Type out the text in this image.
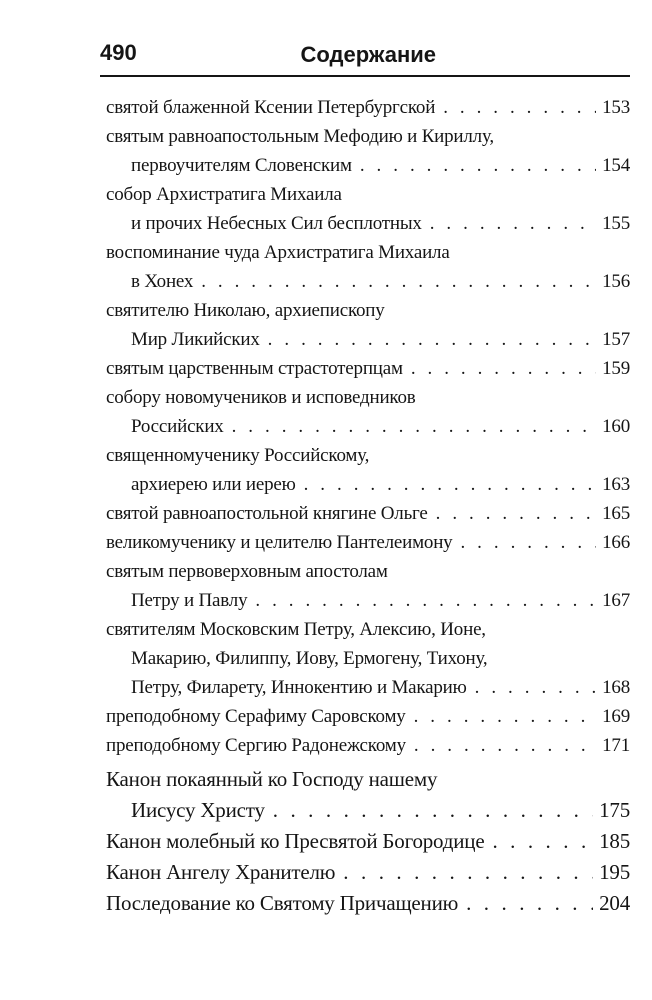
490	Содержание
святой блаженной Ксении Петербургской . . .	153
святым равноапостольным Мефодию и Кириллу,
первоучителям Словенским . . .	154
собор Архистратига Михаила
и прочих Небесных Сил бесплотных . . .	155
воспоминание чуда Архистратига Михаила
в Хонех . . .	156
святителю Николаю, архиепископу
Мир Ликийских . . .	157
святым царственным страстотерпцам . . .	159
собору новомучеников и исповедников
Российских . . .	160
священномученику Российскому,
архиерею или иерею . . .	163
святой равноапостольной княгине Ольге . . .	165
великомученику и целителю Пантелеимону . . .	166
святым первоверховным апостолам
Петру и Павлу . . .	167
святителям Московским Петру, Алексию, Ионе,
Макарию, Филиппу, Иову, Ермогену, Тихону,
Петру, Филарету, Иннокентию и Макарию . . .	168
преподобному Серафиму Саровскому . . .	169
преподобному Сергию Радонежскому . . .	171
Канон покаянный ко Господу нашему
Иисусу Христу . . .	175
Канон молебный ко Пресвятой Богородице . . .	185
Канон Ангелу Хранителю . . .	195
Последование ко Святому Причащению . . .	204
